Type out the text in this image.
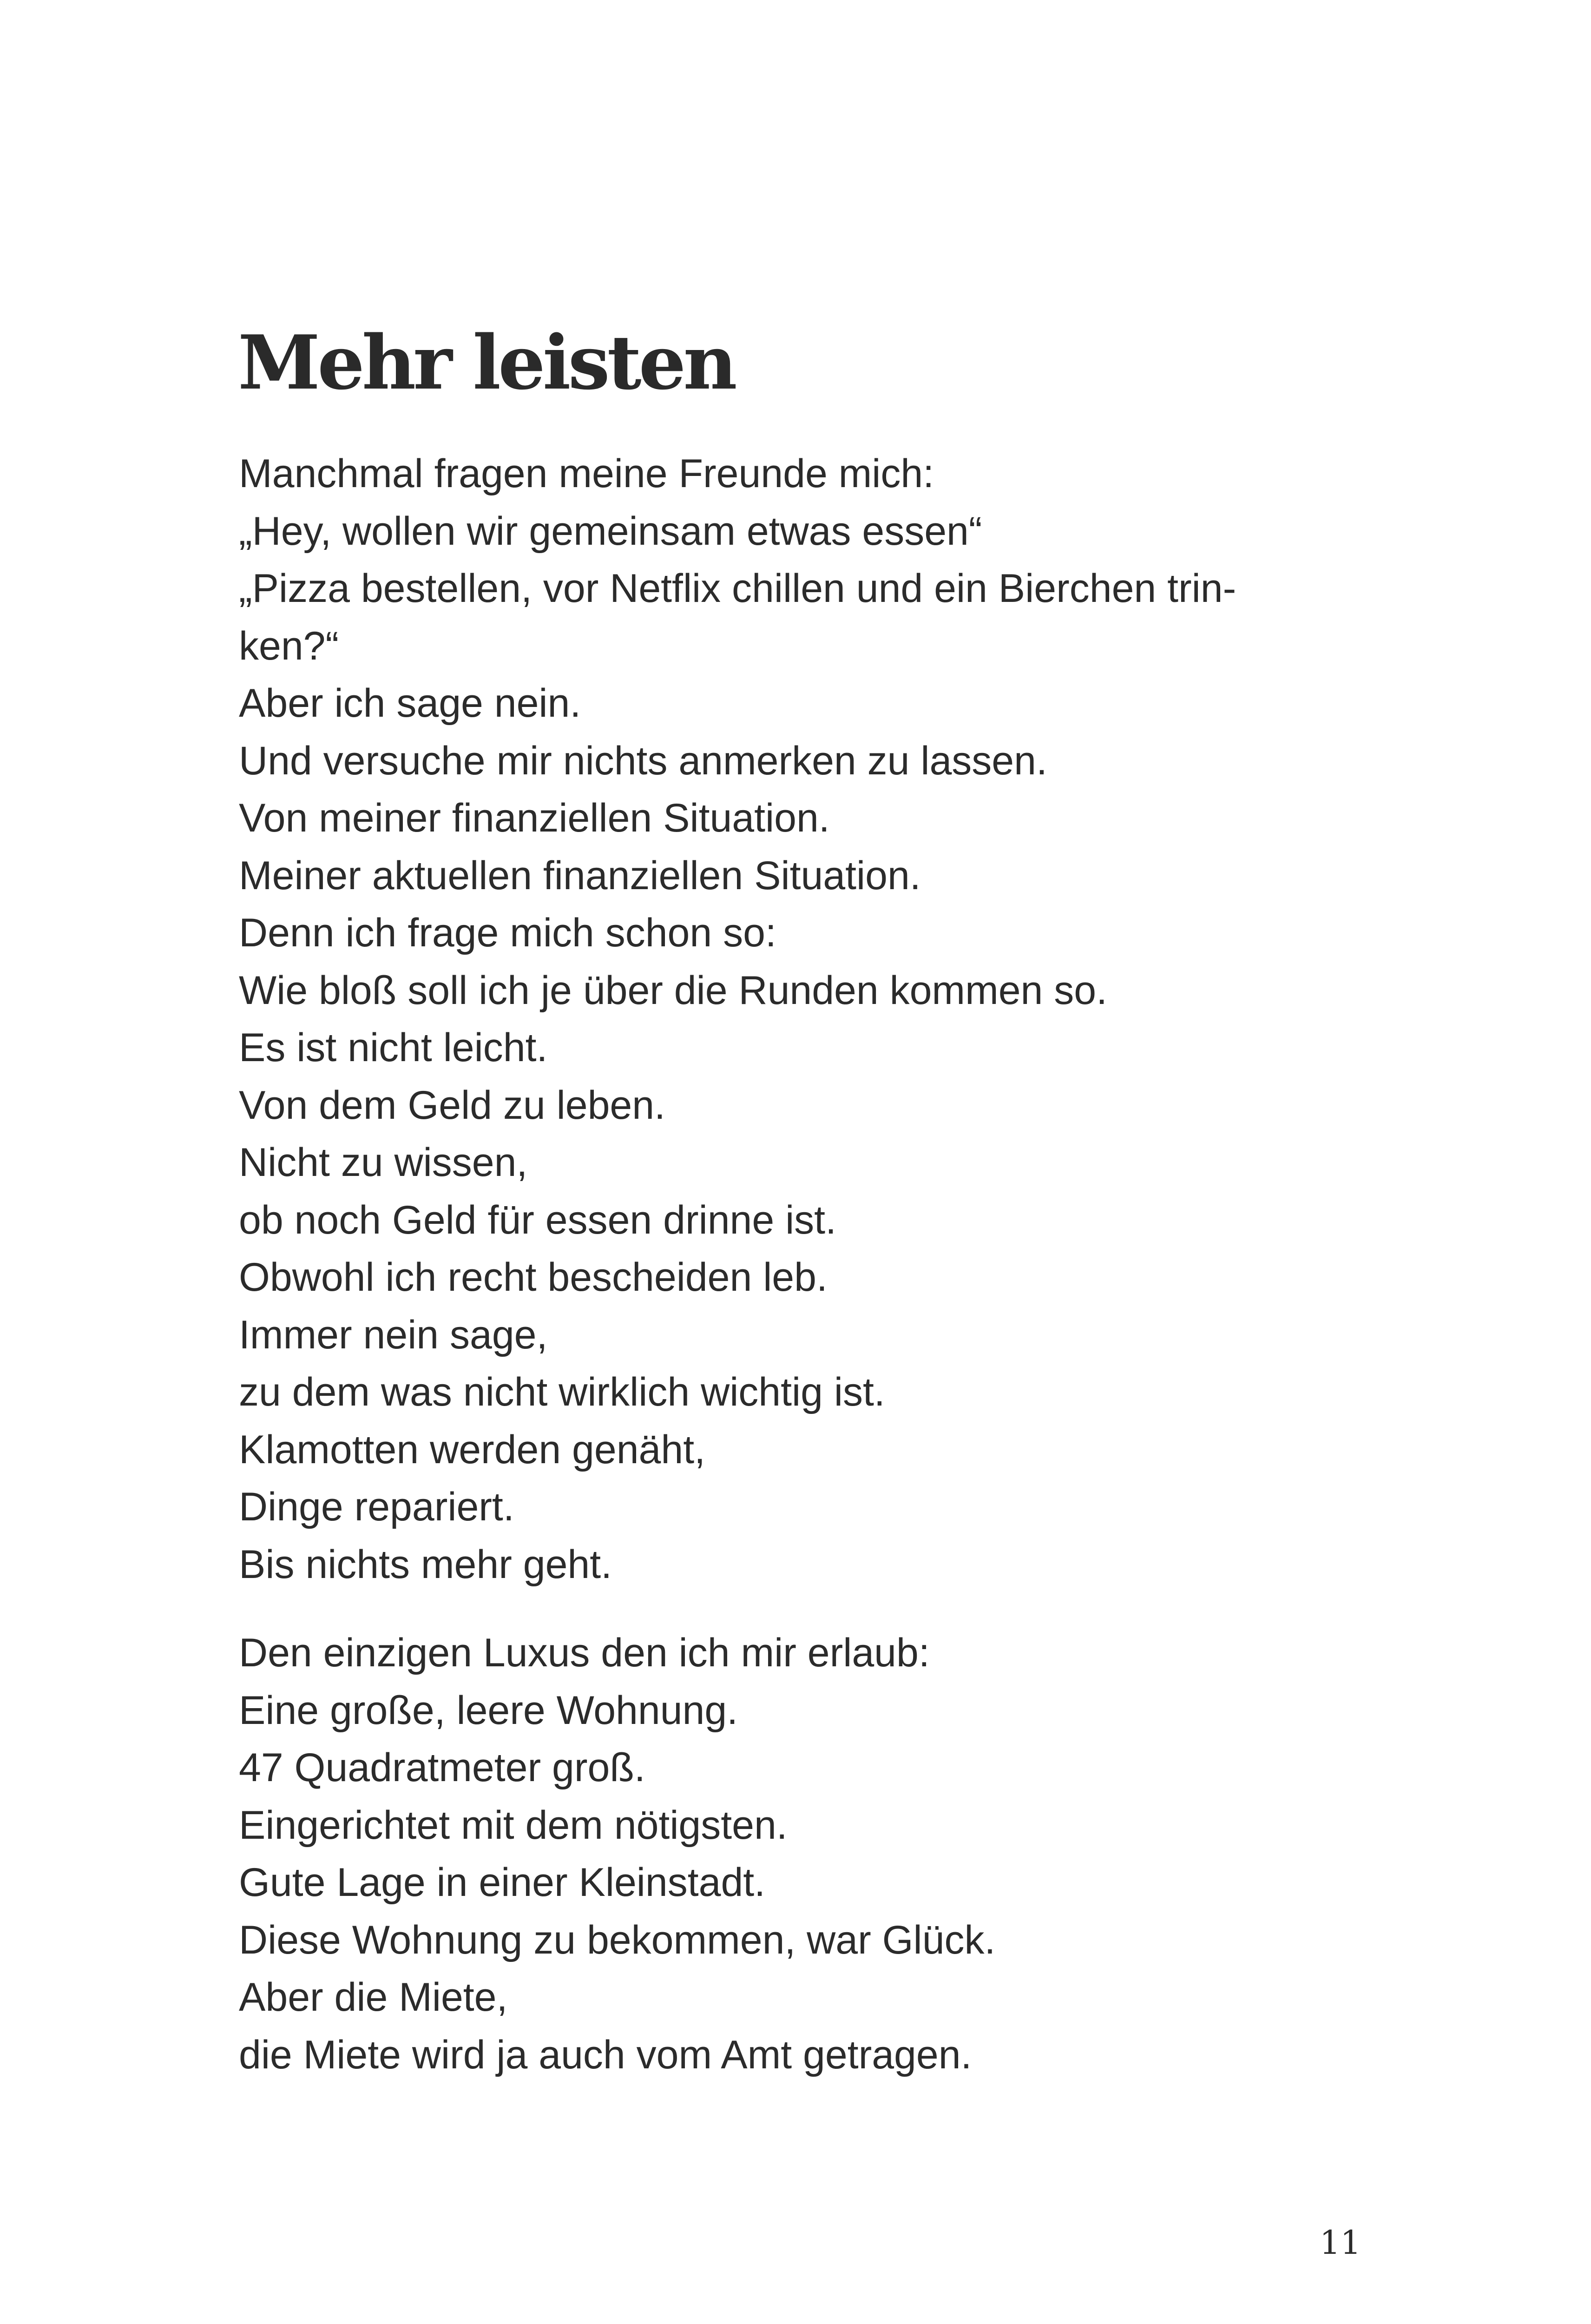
Mehr leisten
Manchmal fragen meine Freunde mich:
„Hey, wollen wir gemeinsam etwas essen“
„Pizza bestellen, vor Netflix chillen und ein Bierchen trin-
ken?“
Aber ich sage nein.
Und versuche mir nichts anmerken zu lassen.
Von meiner finanziellen Situation.
Meiner aktuellen finanziellen Situation.
Denn ich frage mich schon so:
Wie bloß soll ich je über die Runden kommen so.
Es ist nicht leicht.
Von dem Geld zu leben.
Nicht zu wissen,
ob noch Geld für essen drinne ist.
Obwohl ich recht bescheiden leb.
Immer nein sage,
zu dem was nicht wirklich wichtig ist.
Klamotten werden genäht,
Dinge repariert.
Bis nichts mehr geht.
Den einzigen Luxus den ich mir erlaub:
Eine große, leere Wohnung.
47 Quadratmeter groß.
Eingerichtet mit dem nötigsten.
Gute Lage in einer Kleinstadt.
Diese Wohnung zu bekommen, war Glück.
Aber die Miete,
die Miete wird ja auch vom Amt getragen.
11
